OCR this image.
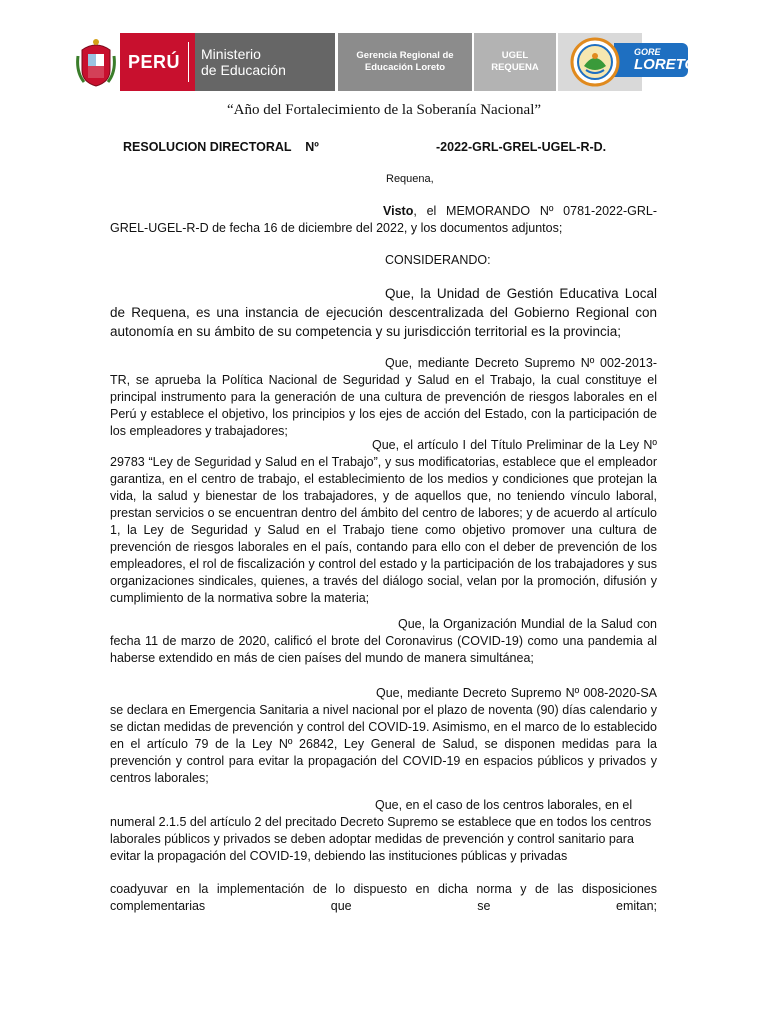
PERÚ	Ministerio
de Educación
Gerencia Regional de
Educación Loreto
UGEL
REQUENA
GORE
LORETO
“Año del Fortalecimiento de la Soberanía Nacional”
RESOLUCION DIRECTORAL    Nº	-2022-GRL-GREL-UGEL-R-D.
Requena,

Visto, el MEMORANDO Nº 0781-2022-GRL-GREL-UGEL-R-D de fecha 16 de diciembre del 2022, y los documentos adjuntos;

CONSIDERANDO:

Que, la Unidad de Gestión Educativa Local de Requena, es una instancia de ejecución descentralizada del Gobierno Regional con autonomía en su ámbito de su competencia y su jurisdicción territorial es la provincia;

Que, mediante Decreto Supremo Nº 002-2013-TR, se aprueba la Política Nacional de Seguridad y Salud en el Trabajo, la cual constituye el principal instrumento para la generación de una cultura de prevención de riesgos laborales en el Perú y establece el objetivo, los principios y los ejes de acción del Estado, con la participación de los empleadores y trabajadores;

Que, el artículo I del Título Preliminar de la Ley Nº 29783 “Ley de Seguridad y Salud en el Trabajo”, y sus modificatorias, establece que el empleador garantiza, en el centro de trabajo, el establecimiento de los medios y condiciones que protejan la vida, la salud y bienestar de los trabajadores, y de aquellos que, no teniendo vínculo laboral, prestan servicios o se encuentran dentro del ámbito del centro de labores; y de acuerdo al artículo 1, la Ley de Seguridad y Salud en el Trabajo tiene como objetivo promover una cultura de prevención de riesgos laborales en el país, contando para ello con el deber de prevención de los empleadores, el rol de fiscalización y control del estado y la participación de los trabajadores y sus organizaciones sindicales, quienes, a través del diálogo social, velan por la promoción, difusión y cumplimiento de la normativa sobre la materia;

Que, la Organización Mundial de la Salud con fecha 11 de marzo de 2020, calificó el brote del Coronavirus (COVID-19) como una pandemia al haberse extendido en más de cien países del mundo de manera simultánea;

Que, mediante Decreto Supremo Nº 008-2020-SA se declara en Emergencia Sanitaria a nivel nacional por el plazo de noventa (90) días calendario y se dictan medidas de prevención y control del COVID-19. Asimismo, en el marco de lo establecido en el artículo 79 de la Ley Nº 26842, Ley General de Salud, se disponen medidas para la prevención y control para evitar la propagación del COVID-19 en espacios públicos y privados y centros laborales;

Que, en el caso de los centros laborales, en el numeral 2.1.5 del artículo 2 del precitado Decreto Supremo se establece que en todos los centros laborales públicos y privados se deben adoptar medidas de prevención y control sanitario para evitar la propagación del COVID-19, debiendo las instituciones públicas y privadas

coadyuvar en la implementación de lo dispuesto en dicha norma y de las disposiciones complementarias que se emitan;
